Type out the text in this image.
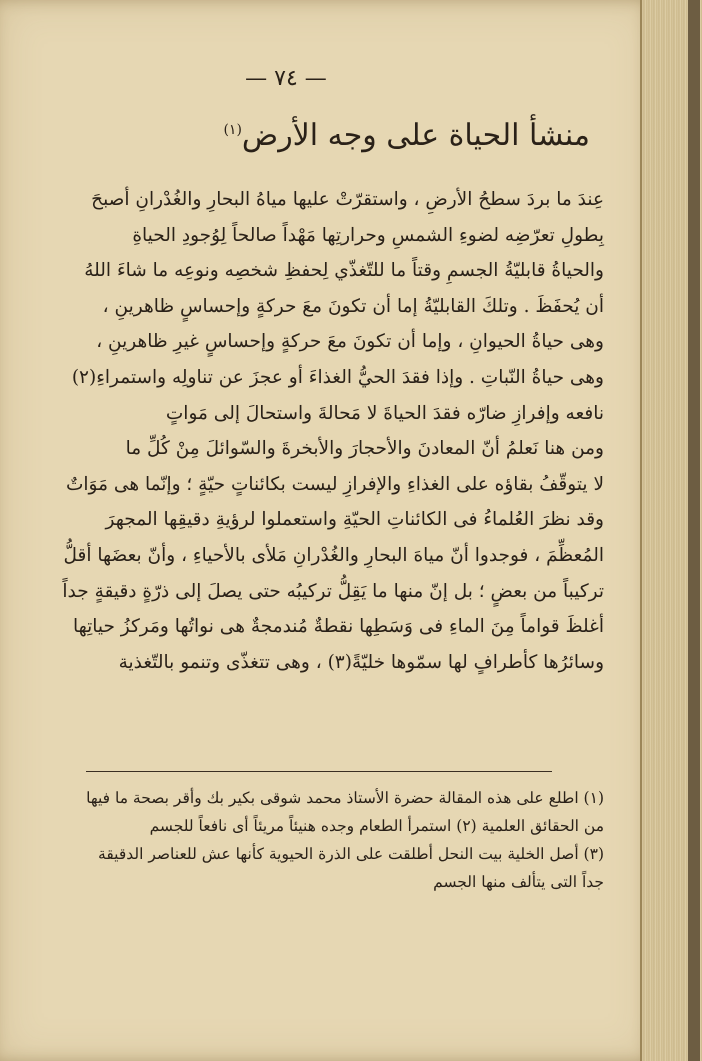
— ٧٤ —
منشأ الحياة على وجه الأرض$^{(١)}$
عِندَ ما بردَ سطحُ الأرضِ ، واستقرّتْ عليها مياهُ البحارِ والغُدْرانِ أصبحَ
بِطولِ تعرّضِه لضوءِ الشمسِ وحرارتِها مَهْداً صالحاً لِوُجودِ الحياةِ
والحياةُ قابليّةُ الجسمِ وقتاً ما للتّغذّي لِحفظِ شخصِه ونوعِه ما شاءَ اللهُ
أن يُحفَظَ . وتلكَ القابليّةُ إما أن تكونَ معَ حركةٍ وإحساسٍ ظاهرينِ ،
وهى حياةُ الحيوانِ ، وإما أن تكونَ معَ حركةٍ وإحساسٍ غيرِ ظاهرينِ ،
وهى حياةُ النّباتِ . وإذا فقدَ الحيُّ الغذاءَ أو عجزَ عن تناولِه واستمراءِ(٢)
نافعه وإفرازِ ضارّه فقدَ الحياةَ لا مَحالةَ واستحالَ إلى مَواتٍ
ومن هنا نَعلمُ أنّ المعادنَ والأحجارَ والأبخرةَ والسّوائلَ مِنْ كُلِّ ما
لا يتوقّفُ بقاؤه على الغذاءِ والإفرازِ ليست بكائناتٍ حيّةٍ ؛ وإنّما هى مَوَاتٌ
وقد نظرَ العُلماءُ فى الكائناتِ الحيّةِ واستعملوا لرؤيةِ دقيقِها المجهرَ
المُعظِّمَ ، فوجدوا أنّ مياهَ البحارِ والغُدْرانِ مَلأى بالأحياءِ ، وأنّ بعضَها أقلُّ
تركيباً من بعضٍ ؛ بل إنّ منها ما يَقِلُّ تركيبُه حتى يصلَ إلى ذرّةٍ دقيقةٍ جداً
أغلظَ قواماً مِنَ الماءِ فى وَسَطِها نقطةٌ مُندمجةٌ هى نواتُها ومَركزُ حياتِها
وسائرُها كأطرافٍ لها سمّوها خليّةً(٣) ، وهى تتغذّى وتنمو بالتّغذية
(١) اطلع على هذه المقالة حضرة الأستاذ محمد شوقى بكير بك وأقر بصحة ما فيها
من الحقائق العلمية (٢) استمرأ الطعام وجده هنيئاً مريئاً أى نافعاً للجسم
(٣) أصل الخلية بيت النحل أطلقت على الذرة الحيوية كأنها عش للعناصر الدقيقة
جداً التى يتألف منها الجسم
